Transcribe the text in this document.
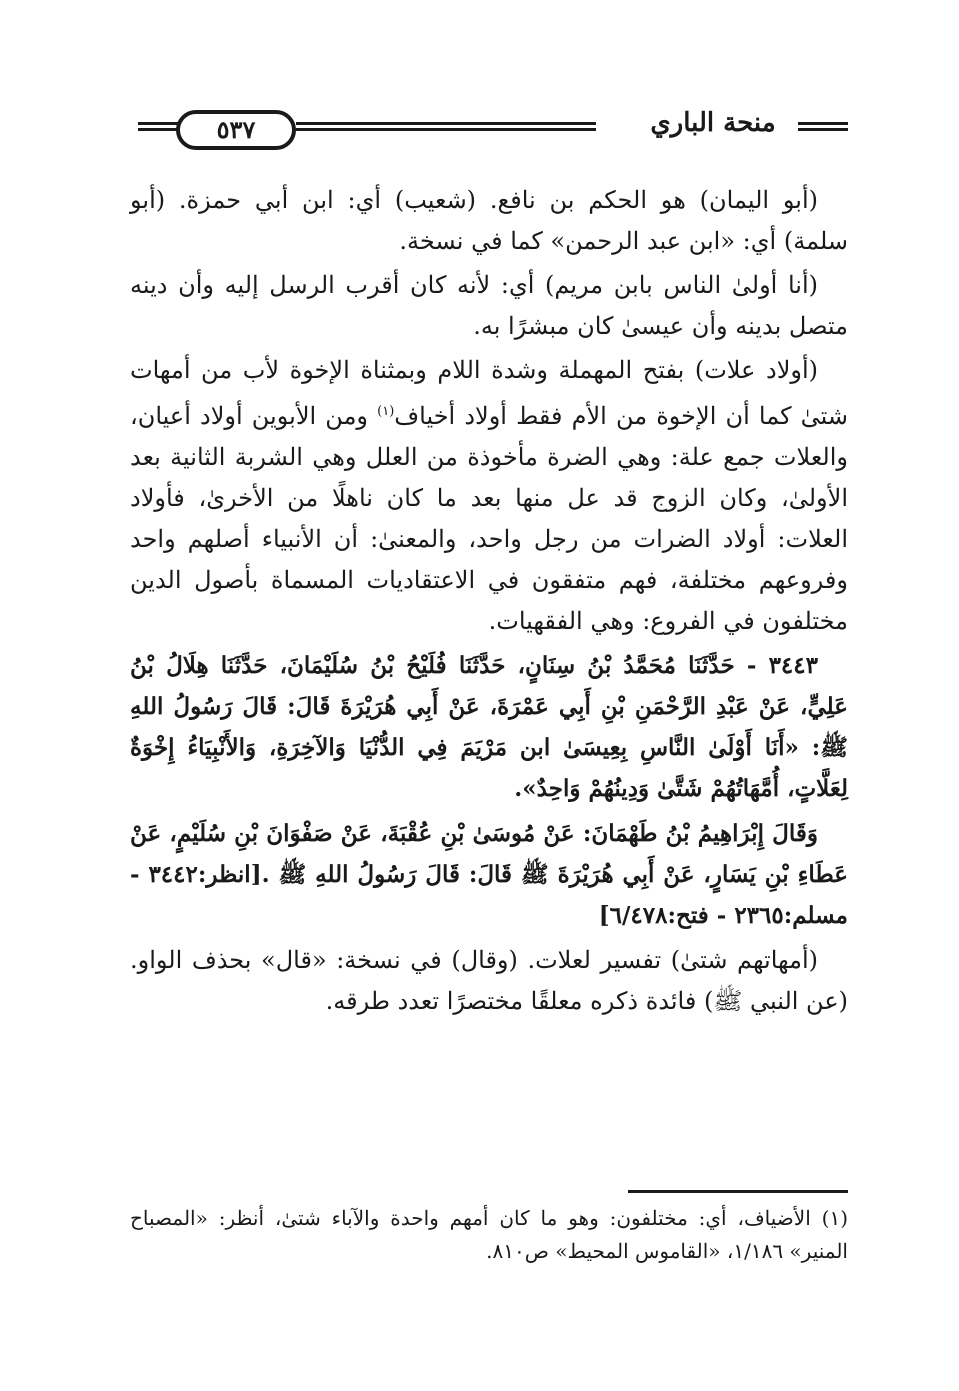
٥٣٧	منحة الباري

(أبو اليمان) هو الحكم بن نافع. (شعيب) أي: ابن أبي حمزة. (أبو سلمة) أي: «ابن عبد الرحمن» كما في نسخة.

(أنا أولىٰ الناس بابن مريم) أي: لأنه كان أقرب الرسل إليه وأن دينه متصل بدينه وأن عيسىٰ كان مبشرًا به.

(أولاد علات) بفتح المهملة وشدة اللام وبمثناة الإخوة لأب من أمهات شتىٰ كما أن الإخوة من الأم فقط أولاد أخياف$^{(١)}$ ومن الأبوين أولاد أعيان، والعلات جمع علة: وهي الضرة مأخوذة من العلل وهي الشربة الثانية بعد الأولىٰ، وكان الزوج قد عل منها بعد ما كان ناهلًا من الأخرىٰ، فأولاد العلات: أولاد الضرات من رجل واحد، والمعنىٰ: أن الأنبياء أصلهم واحد وفروعهم مختلفة، فهم متفقون في الاعتقاديات المسماة بأصول الدين مختلفون في الفروع: وهي الفقهيات.

٣٤٤٣ - حَدَّثَنَا مُحَمَّدُ بْنُ سِنَانٍ، حَدَّثَنَا فُلَيْحُ بْنُ سُلَيْمَانَ، حَدَّثَنَا هِلَالُ بْنُ عَلِيٍّ، عَنْ عَبْدِ الرَّحْمَنِ بْنِ أَبِي عَمْرَةَ، عَنْ أَبِي هُرَيْرَةَ قَالَ: قَالَ رَسُولُ اللهِ ﷺ: «أَنَا أَوْلَىٰ النَّاسِ بِعِيسَىٰ ابن مَرْيَمَ فِي الدُّنْيَا وَالآخِرَةِ، وَالأَنْبِيَاءُ إِخْوَةٌ لِعَلَّاتٍ، أُمَّهَاتُهُمْ شَتَّىٰ وَدِينُهُمْ وَاحِدٌ».

وَقَالَ إِبْرَاهِيمُ بْنُ طَهْمَانَ: عَنْ مُوسَىٰ بْنِ عُقْبَةَ، عَنْ صَفْوَانَ بْنِ سُلَيْمٍ، عَنْ عَطَاءِ بْنِ يَسَارٍ، عَنْ أَبِي هُرَيْرَةَ ﷺ قَالَ: قَالَ رَسُولُ اللهِ ﷺ .[انظر:٣٤٤٢ - مسلم:٢٣٦٥ - فتح:٦/٤٧٨]

(أمهاتهم شتىٰ) تفسير لعلات. (وقال) في نسخة: «قال» بحذف الواو. (عن النبي ﷺ) فائدة ذكره معلقًا مختصرًا تعدد طرقه.

(١) الأضياف، أي: مختلفون: وهو ما كان أمهم واحدة والآباء شتىٰ، أنظر: «المصباح المنير» ١/١٨٦، «القاموس المحيط» ص٨١٠.
